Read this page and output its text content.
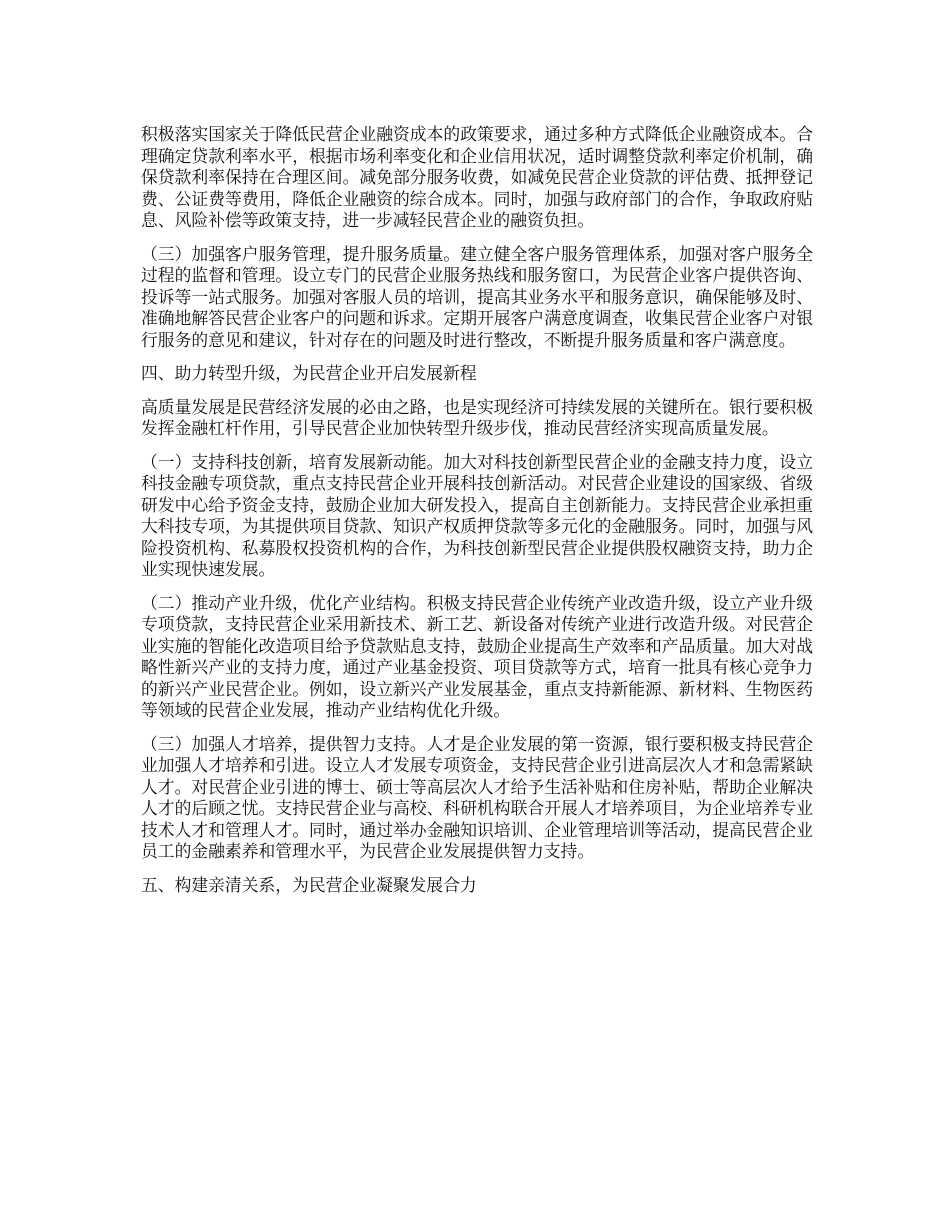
积极落实国家关于降低民营企业融资成本的政策要求，通过多种方式降低企业融资成本。合理确定贷款利率水平，根据市场利率变化和企业信用状况，适时调整贷款利率定价机制，确保贷款利率保持在合理区间。减免部分服务收费，如减免民营企业贷款的评估费、抵押登记费、公证费等费用，降低企业融资的综合成本。同时，加强与政府部门的合作，争取政府贴息、风险补偿等政策支持，进一步减轻民营企业的融资负担。

（三）加强客户服务管理，提升服务质量。建立健全客户服务管理体系，加强对客户服务全过程的监督和管理。设立专门的民营企业服务热线和服务窗口，为民营企业客户提供咨询、投诉等一站式服务。加强对客服人员的培训，提高其业务水平和服务意识，确保能够及时、准确地解答民营企业客户的问题和诉求。定期开展客户满意度调查，收集民营企业客户对银行服务的意见和建议，针对存在的问题及时进行整改，不断提升服务质量和客户满意度。

四、助力转型升级，为民营企业开启发展新程

高质量发展是民营经济发展的必由之路，也是实现经济可持续发展的关键所在。银行要积极发挥金融杠杆作用，引导民营企业加快转型升级步伐，推动民营经济实现高质量发展。

（一）支持科技创新，培育发展新动能。加大对科技创新型民营企业的金融支持力度，设立科技金融专项贷款，重点支持民营企业开展科技创新活动。对民营企业建设的国家级、省级研发中心给予资金支持，鼓励企业加大研发投入，提高自主创新能力。支持民营企业承担重大科技专项，为其提供项目贷款、知识产权质押贷款等多元化的金融服务。同时，加强与风险投资机构、私募股权投资机构的合作，为科技创新型民营企业提供股权融资支持，助力企业实现快速发展。

（二）推动产业升级，优化产业结构。积极支持民营企业传统产业改造升级，设立产业升级专项贷款，支持民营企业采用新技术、新工艺、新设备对传统产业进行改造升级。对民营企业实施的智能化改造项目给予贷款贴息支持，鼓励企业提高生产效率和产品质量。加大对战略性新兴产业的支持力度，通过产业基金投资、项目贷款等方式，培育一批具有核心竞争力的新兴产业民营企业。例如，设立新兴产业发展基金，重点支持新能源、新材料、生物医药等领域的民营企业发展，推动产业结构优化升级。

（三）加强人才培养，提供智力支持。人才是企业发展的第一资源，银行要积极支持民营企业加强人才培养和引进。设立人才发展专项资金，支持民营企业引进高层次人才和急需紧缺人才。对民营企业引进的博士、硕士等高层次人才给予生活补贴和住房补贴，帮助企业解决人才的后顾之忧。支持民营企业与高校、科研机构联合开展人才培养项目，为企业培养专业技术人才和管理人才。同时，通过举办金融知识培训、企业管理培训等活动，提高民营企业员工的金融素养和管理水平，为民营企业发展提供智力支持。

五、构建亲清关系，为民营企业凝聚发展合力
